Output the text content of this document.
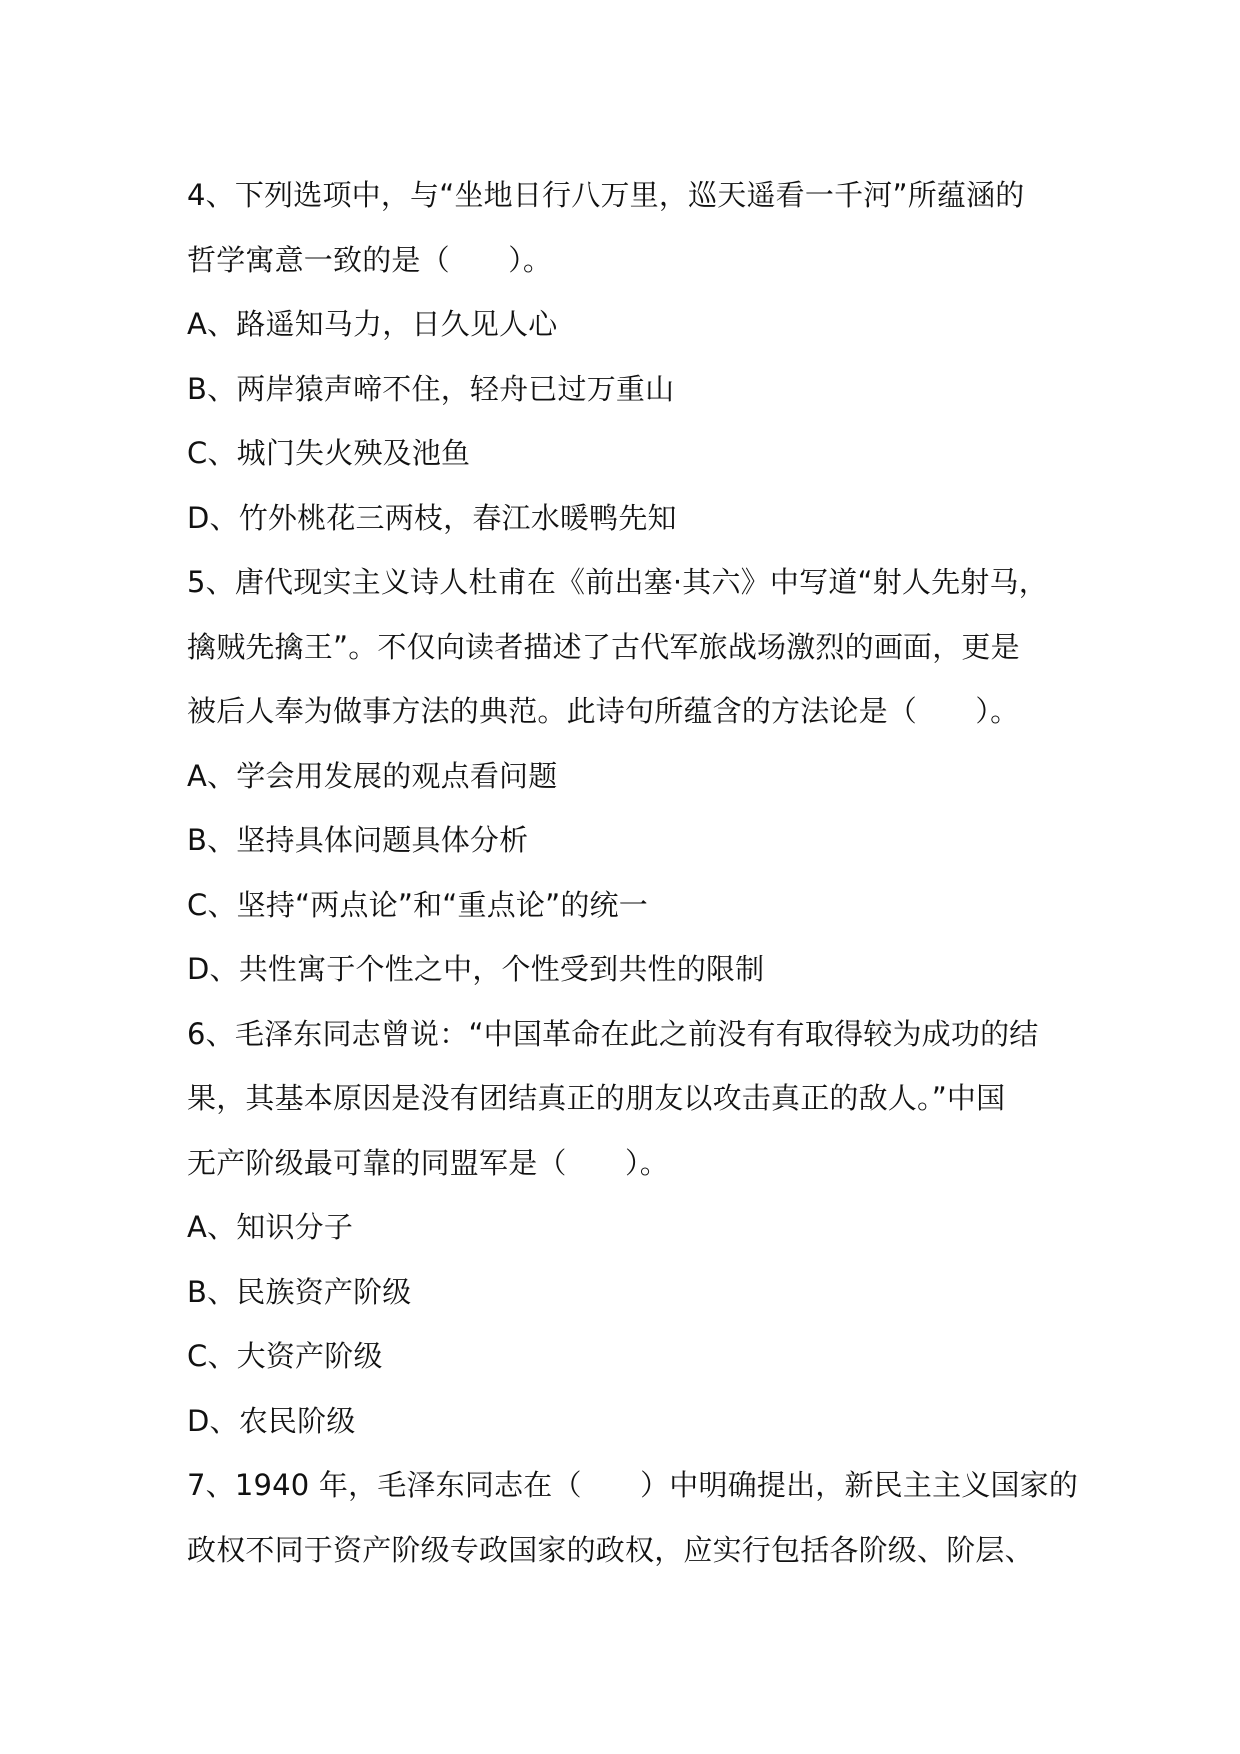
4、下列选项中，与“坐地日行八万里，巡天遥看一千河”所蕴涵的
哲学寓意一致的是（　　）。
A、路遥知马力，日久见人心
B、两岸猿声啼不住，轻舟已过万重山
C、城门失火殃及池鱼
D、竹外桃花三两枝，春江水暖鸭先知
5、唐代现实主义诗人杜甫在《前出塞·其六》中写道“射人先射马，
擒贼先擒王”。不仅向读者描述了古代军旅战场激烈的画面，更是
被后人奉为做事方法的典范。此诗句所蕴含的方法论是（　　）。
A、学会用发展的观点看问题
B、坚持具体问题具体分析
C、坚持“两点论”和“重点论”的统一
D、共性寓于个性之中，个性受到共性的限制
6、毛泽东同志曾说：“中国革命在此之前没有有取得较为成功的结
果，其基本原因是没有团结真正的朋友以攻击真正的敌人。”中国
无产阶级最可靠的同盟军是（　　）。
A、知识分子
B、民族资产阶级
C、大资产阶级
D、农民阶级
7、1940 年，毛泽东同志在（　　）中明确提出，新民主主义国家的
政权不同于资产阶级专政国家的政权，应实行包括各阶级、阶层、
